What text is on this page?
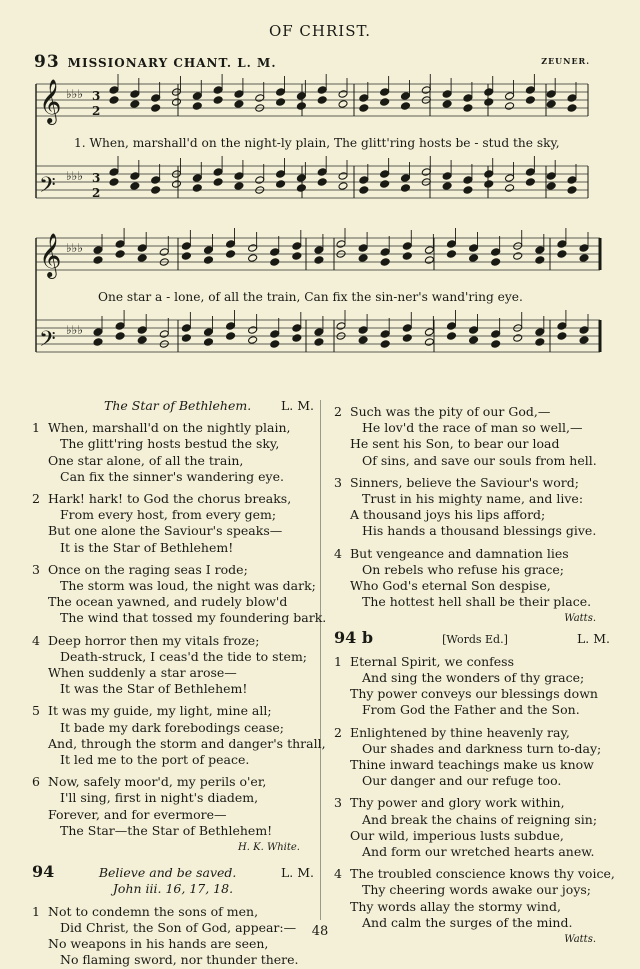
OF CHRIST.
93 MISSIONARY CHANT. L. M.	ZEUNER.
𝄞 ♭♭♭ 3
2
𝄢 ♭♭♭ 3
2
𝄞 ♭♭♭
𝄢 ♭♭♭
1. When, marshall'd on the night-ly plain, The glitt'ring hosts be - stud the sky,
One star a - lone, of all the train, Can fix the sin-ner's wand'ring eye.
The Star of Bethlehem. L. M.
1 When, marshall'd on the nightly plain,
The glitt'ring hosts bestud the sky,
One star alone, of all the train,
Can fix the sinner's wandering eye.
2 Hark! hark! to God the chorus breaks,
From every host, from every gem;
But one alone the Saviour's speaks—
It is the Star of Bethlehem!
3 Once on the raging seas I rode;
The storm was loud, the night was dark;
The ocean yawned, and rudely blow'd
The wind that tossed my foundering bark.
4 Deep horror then my vitals froze;
Death-struck, I ceas'd the tide to stem;
When suddenly a star arose—
It was the Star of Bethlehem!
5 It was my guide, my light, mine all;
It bade my dark forebodings cease;
And, through the storm and danger's thrall,
It led me to the port of peace.
6 Now, safely moor'd, my perils o'er,
I'll sing, first in night's diadem,
Forever, and for evermore—
The Star—the Star of Bethlehem!
H. K. White.
94	Believe and be saved.	L. M.
John iii. 16, 17, 18.
1 Not to condemn the sons of men,
Did Christ, the Son of God, appear:—
No weapons in his hands are seen,
No flaming sword, nor thunder there.
2 Such was the pity of our God,—
He lov'd the race of man so well,—
He sent his Son, to bear our load
Of sins, and save our souls from hell.
3 Sinners, believe the Saviour's word;
Trust in his mighty name, and live:
A thousand joys his lips afford;
His hands a thousand blessings give.
4 But vengeance and damnation lies
On rebels who refuse his grace;
Who God's eternal Son despise,
The hottest hell shall be their place.
Watts.
94 b	[Words Ed.]	L. M.
1 Eternal Spirit, we confess
And sing the wonders of thy grace;
Thy power conveys our blessings down
From God the Father and the Son.
2 Enlightened by thine heavenly ray,
Our shades and darkness turn to-day;
Thine inward teachings make us know
Our danger and our refuge too.
3 Thy power and glory work within,
And break the chains of reigning sin;
Our wild, imperious lusts subdue,
And form our wretched hearts anew.
4 The troubled conscience knows thy voice,
Thy cheering words awake our joys;
Thy words allay the stormy wind,
And calm the surges of the mind.
Watts.
48
